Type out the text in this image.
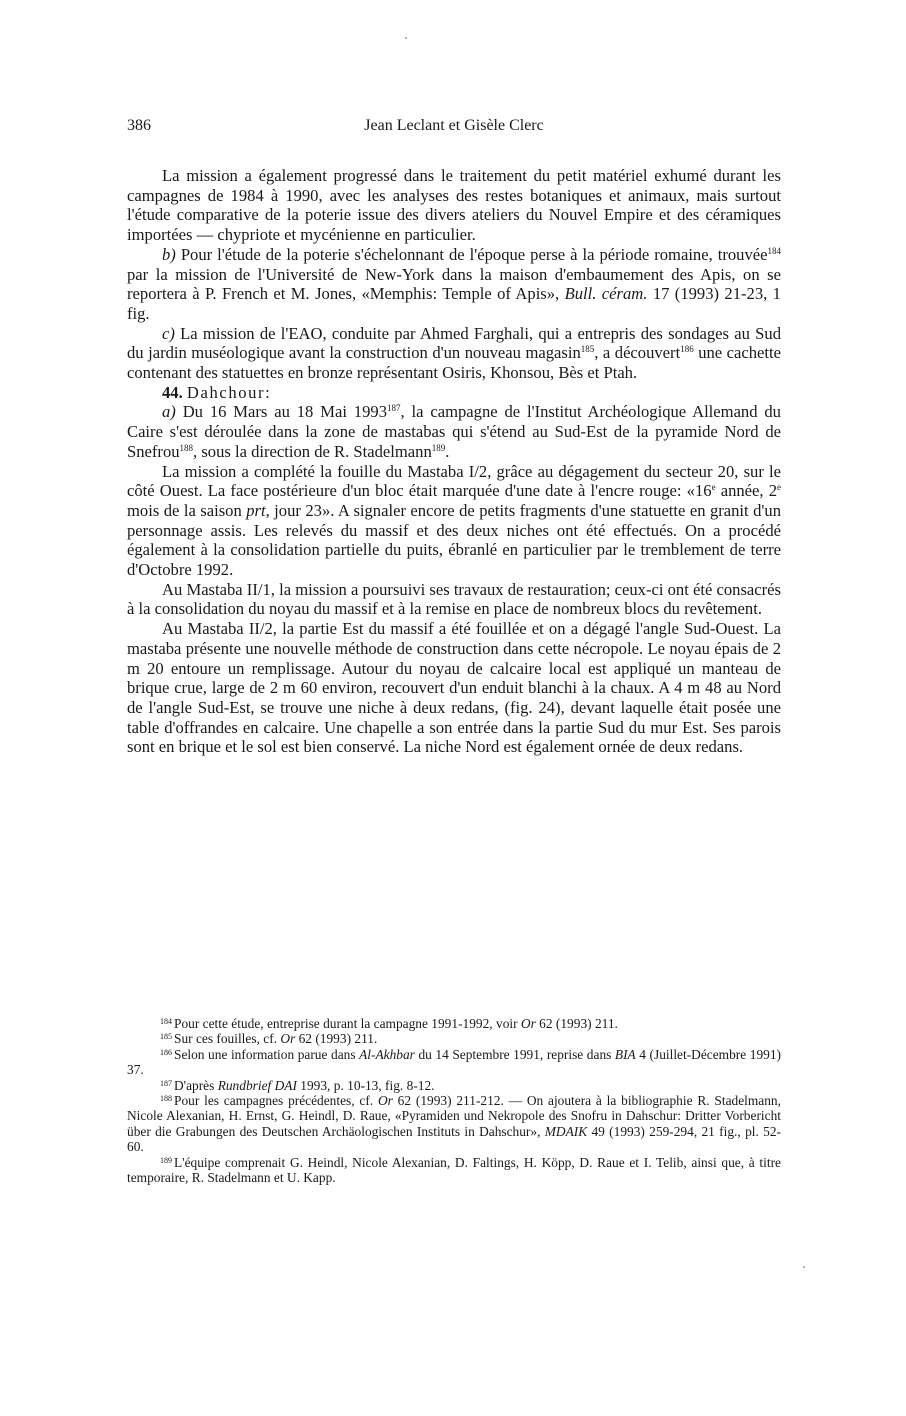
386	Jean Leclant et Gisèle Clerc

La mission a également progressé dans le traitement du petit matériel exhumé durant les campagnes de 1984 à 1990, avec les analyses des restes botaniques et animaux, mais surtout l'étude comparative de la poterie issue des divers ateliers du Nouvel Empire et des céramiques importées — chypriote et mycénienne en particulier.

b) Pour l'étude de la poterie s'échelonnant de l'époque perse à la période romaine, trouvée$^{184}$ par la mission de l'Université de New-York dans la maison d'embaumement des Apis, on se reportera à P. French et M. Jones, «Memphis: Temple of Apis», Bull. céram. 17 (1993) 21-23, 1 fig.

c) La mission de l'EAO, conduite par Ahmed Farghali, qui a entrepris des sondages au Sud du jardin muséologique avant la construction d'un nouveau magasin$^{185}$, a découvert$^{186}$ une cachette contenant des statuettes en bronze représentant Osiris, Khonsou, Bès et Ptah.

44. Dahchour:

a) Du 16 Mars au 18 Mai 1993$^{187}$, la campagne de l'Institut Archéologique Allemand du Caire s'est déroulée dans la zone de mastabas qui s'étend au Sud-Est de la pyramide Nord de Snefrou$^{188}$, sous la direction de R. Stadelmann$^{189}$.

La mission a complété la fouille du Mastaba I/2, grâce au dégagement du secteur 20, sur le côté Ouest. La face postérieure d'un bloc était marquée d'une date à l'encre rouge: «16e année, 2e mois de la saison prt, jour 23». A signaler encore de petits fragments d'une statuette en granit d'un personnage assis. Les relevés du massif et des deux niches ont été effectués. On a procédé également à la consolidation partielle du puits, ébranlé en particulier par le tremblement de terre d'Octobre 1992.

Au Mastaba II/1, la mission a poursuivi ses travaux de restauration; ceux-ci ont été consacrés à la consolidation du noyau du massif et à la remise en place de nombreux blocs du revêtement.

Au Mastaba II/2, la partie Est du massif a été fouillée et on a dégagé l'angle Sud-Ouest. La mastaba présente une nouvelle méthode de construction dans cette nécropole. Le noyau épais de 2 m 20 entoure un remplissage. Autour du noyau de calcaire local est appliqué un manteau de brique crue, large de 2 m 60 environ, recouvert d'un enduit blanchi à la chaux. A 4 m 48 au Nord de l'angle Sud-Est, se trouve une niche à deux redans, (fig. 24), devant laquelle était posée une table d'offrandes en calcaire. Une chapelle a son entrée dans la partie Sud du mur Est. Ses parois sont en brique et le sol est bien conservé. La niche Nord est également ornée de deux redans.

$^{184}$ Pour cette étude, entreprise durant la campagne 1991-1992, voir Or 62 (1993) 211.

$^{185}$ Sur ces fouilles, cf. Or 62 (1993) 211.

$^{186}$ Selon une information parue dans Al-Akhbar du 14 Septembre 1991, reprise dans BIA 4 (Juillet-Décembre 1991) 37.

$^{187}$ D'après Rundbrief DAI 1993, p. 10-13, fig. 8-12.

$^{188}$ Pour les campagnes précédentes, cf. Or 62 (1993) 211-212. — On ajoutera à la bibliographie R. Stadelmann, Nicole Alexanian, H. Ernst, G. Heindl, D. Raue, «Pyramiden und Nekropole des Snofru in Dahschur: Dritter Vorbericht über die Grabungen des Deutschen Archäologischen Instituts in Dahschur», MDAIK 49 (1993) 259-294, 21 fig., pl. 52-60.

$^{189}$ L'équipe comprenait G. Heindl, Nicole Alexanian, D. Faltings, H. Köpp, D. Raue et I. Telib, ainsi que, à titre temporaire, R. Stadelmann et U. Kapp.
